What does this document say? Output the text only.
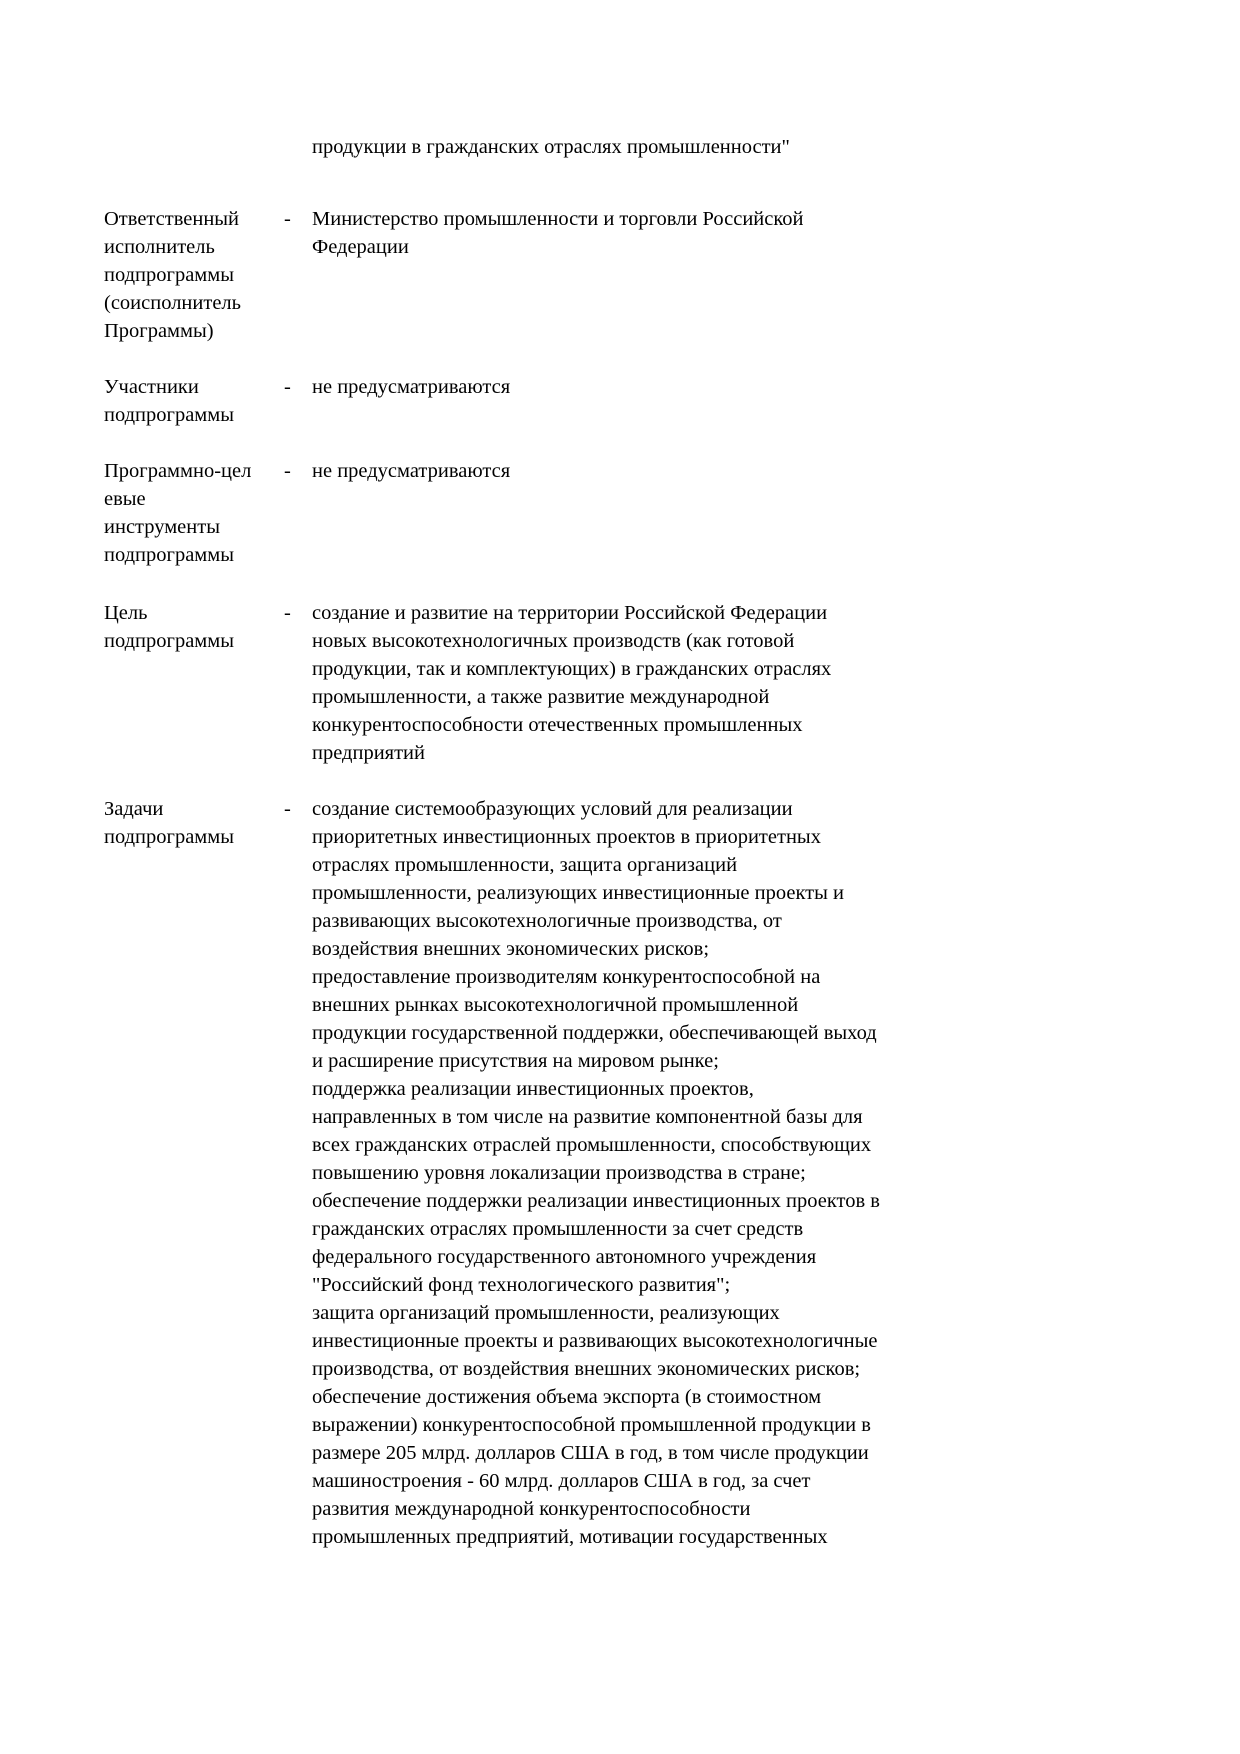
продукции в гражданских отраслях промышленности"

Ответственный
исполнитель
подпрограммы
(соисполнитель
Программы)
-	Министерство промышленности и торговли Российской
Федерации
Участники
подпрограммы
-	не предусматриваются
Программно-цел
евые
инструменты
подпрограммы
-	не предусматриваются
Цель
подпрограммы
-	создание и развитие на территории Российской Федерации
новых высокотехнологичных производств (как готовой
продукции, так и комплектующих) в гражданских отраслях
промышленности, а также развитие международной
конкурентоспособности отечественных промышленных
предприятий
Задачи
подпрограммы
-	создание системообразующих условий для реализации
приоритетных инвестиционных проектов в приоритетных
отраслях промышленности, защита организаций
промышленности, реализующих инвестиционные проекты и
развивающих высокотехнологичные производства, от
воздействия внешних экономических рисков;
предоставление производителям конкурентоспособной на
внешних рынках высокотехнологичной промышленной
продукции государственной поддержки, обеспечивающей выход
и расширение присутствия на мировом рынке;
поддержка реализации инвестиционных проектов,
направленных в том числе на развитие компонентной базы для
всех гражданских отраслей промышленности, способствующих
повышению уровня локализации производства в стране;
обеспечение поддержки реализации инвестиционных проектов в
гражданских отраслях промышленности за счет средств
федерального государственного автономного учреждения
"Российский фонд технологического развития";
защита организаций промышленности, реализующих
инвестиционные проекты и развивающих высокотехнологичные
производства, от воздействия внешних экономических рисков;
обеспечение достижения объема экспорта (в стоимостном
выражении) конкурентоспособной промышленной продукции в
размере 205 млрд. долларов США в год, в том числе продукции
машиностроения - 60 млрд. долларов США в год, за счет
развития международной конкурентоспособности
промышленных предприятий, мотивации государственных
